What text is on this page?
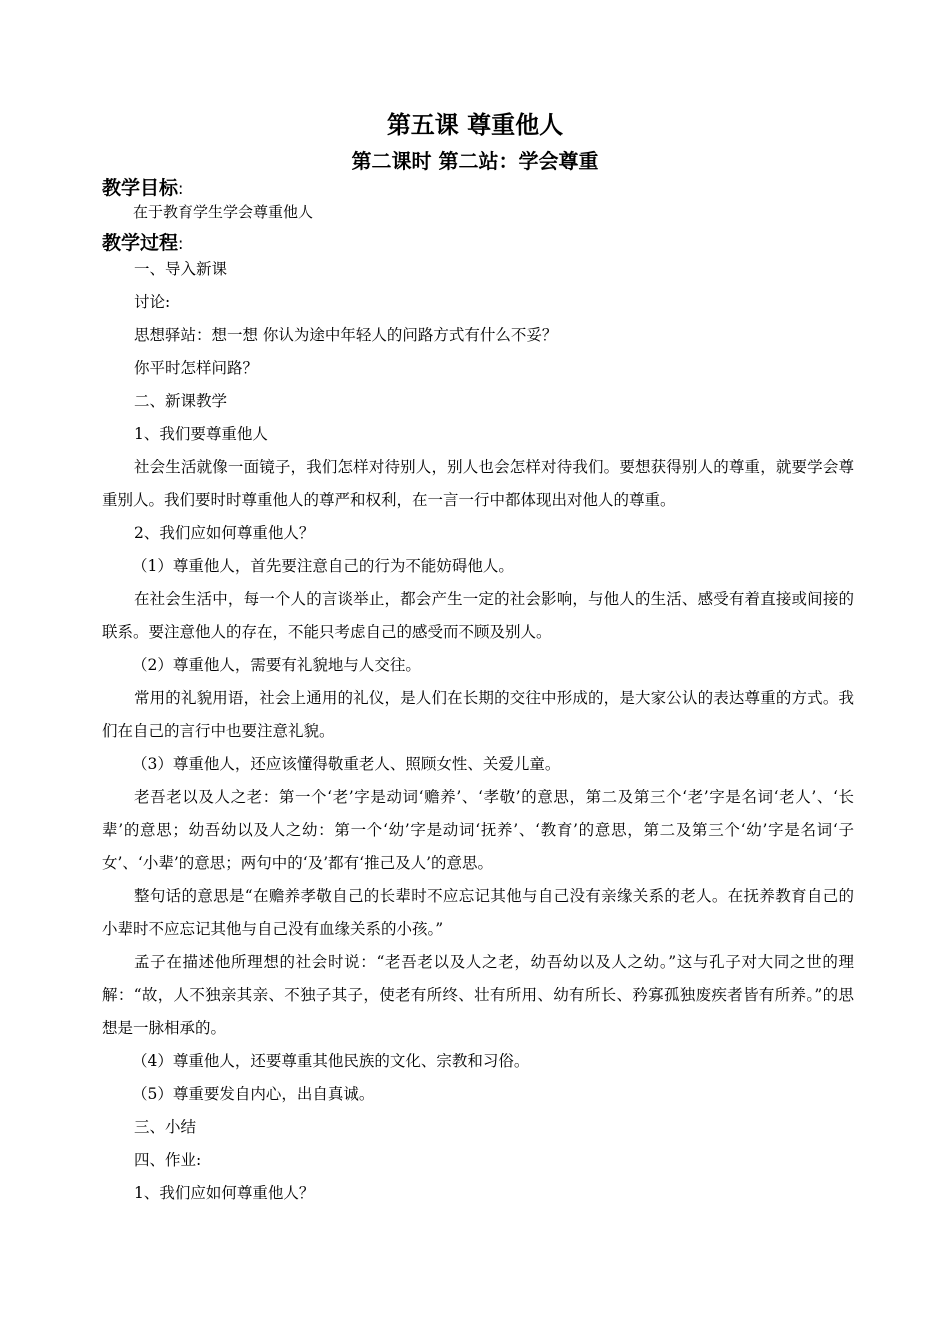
第五课 尊重他人
第二课时 第二站：学会尊重
教学目标:
在于教育学生学会尊重他人
教学过程:

一、导入新课

讨论:

思想驿站：想一想 你认为途中年轻人的问路方式有什么不妥？

你平时怎样问路？

二、新课教学

1、我们要尊重他人

社会生活就像一面镜子，我们怎样对待别人，别人也会怎样对待我们。要想获得别人的尊重，就要学会尊重别人。我们要时时尊重他人的尊严和权利，在一言一行中都体现出对他人的尊重。

2、我们应如何尊重他人？

（1）尊重他人，首先要注意自己的行为不能妨碍他人。

在社会生活中，每一个人的言谈举止，都会产生一定的社会影响，与他人的生活、感受有着直接或间接的联系。要注意他人的存在，不能只考虑自己的感受而不顾及别人。

（2）尊重他人，需要有礼貌地与人交往。

常用的礼貌用语，社会上通用的礼仪，是人们在长期的交往中形成的，是大家公认的表达尊重的方式。我们在自己的言行中也要注意礼貌。

（3）尊重他人，还应该懂得敬重老人、照顾女性、关爱儿童。

老吾老以及人之老：第一个‘老’字是动词‘赡养’、‘孝敬’的意思，第二及第三个‘老’字是名词‘老人’、‘长辈’的意思；幼吾幼以及人之幼：第一个‘幼’字是动词‘抚养’、‘教育’的意思，第二及第三个‘幼’字是名词‘子女’、‘小辈’的意思；两句中的‘及’都有‘推己及人’的意思。

整句话的意思是“在赡养孝敬自己的长辈时不应忘记其他与自己没有亲缘关系的老人。在抚养教育自己的小辈时不应忘记其他与自己没有血缘关系的小孩。”

孟子在描述他所理想的社会时说：“老吾老以及人之老，幼吾幼以及人之幼。”这与孔子对大同之世的理解：“故，人不独亲其亲、不独子其子，使老有所终、壮有所用、幼有所长、矜寡孤独废疾者皆有所养。”的思想是一脉相承的。

（4）尊重他人，还要尊重其他民族的文化、宗教和习俗。

（5）尊重要发自内心，出自真诚。

三、小结

四、作业:

1、我们应如何尊重他人？
